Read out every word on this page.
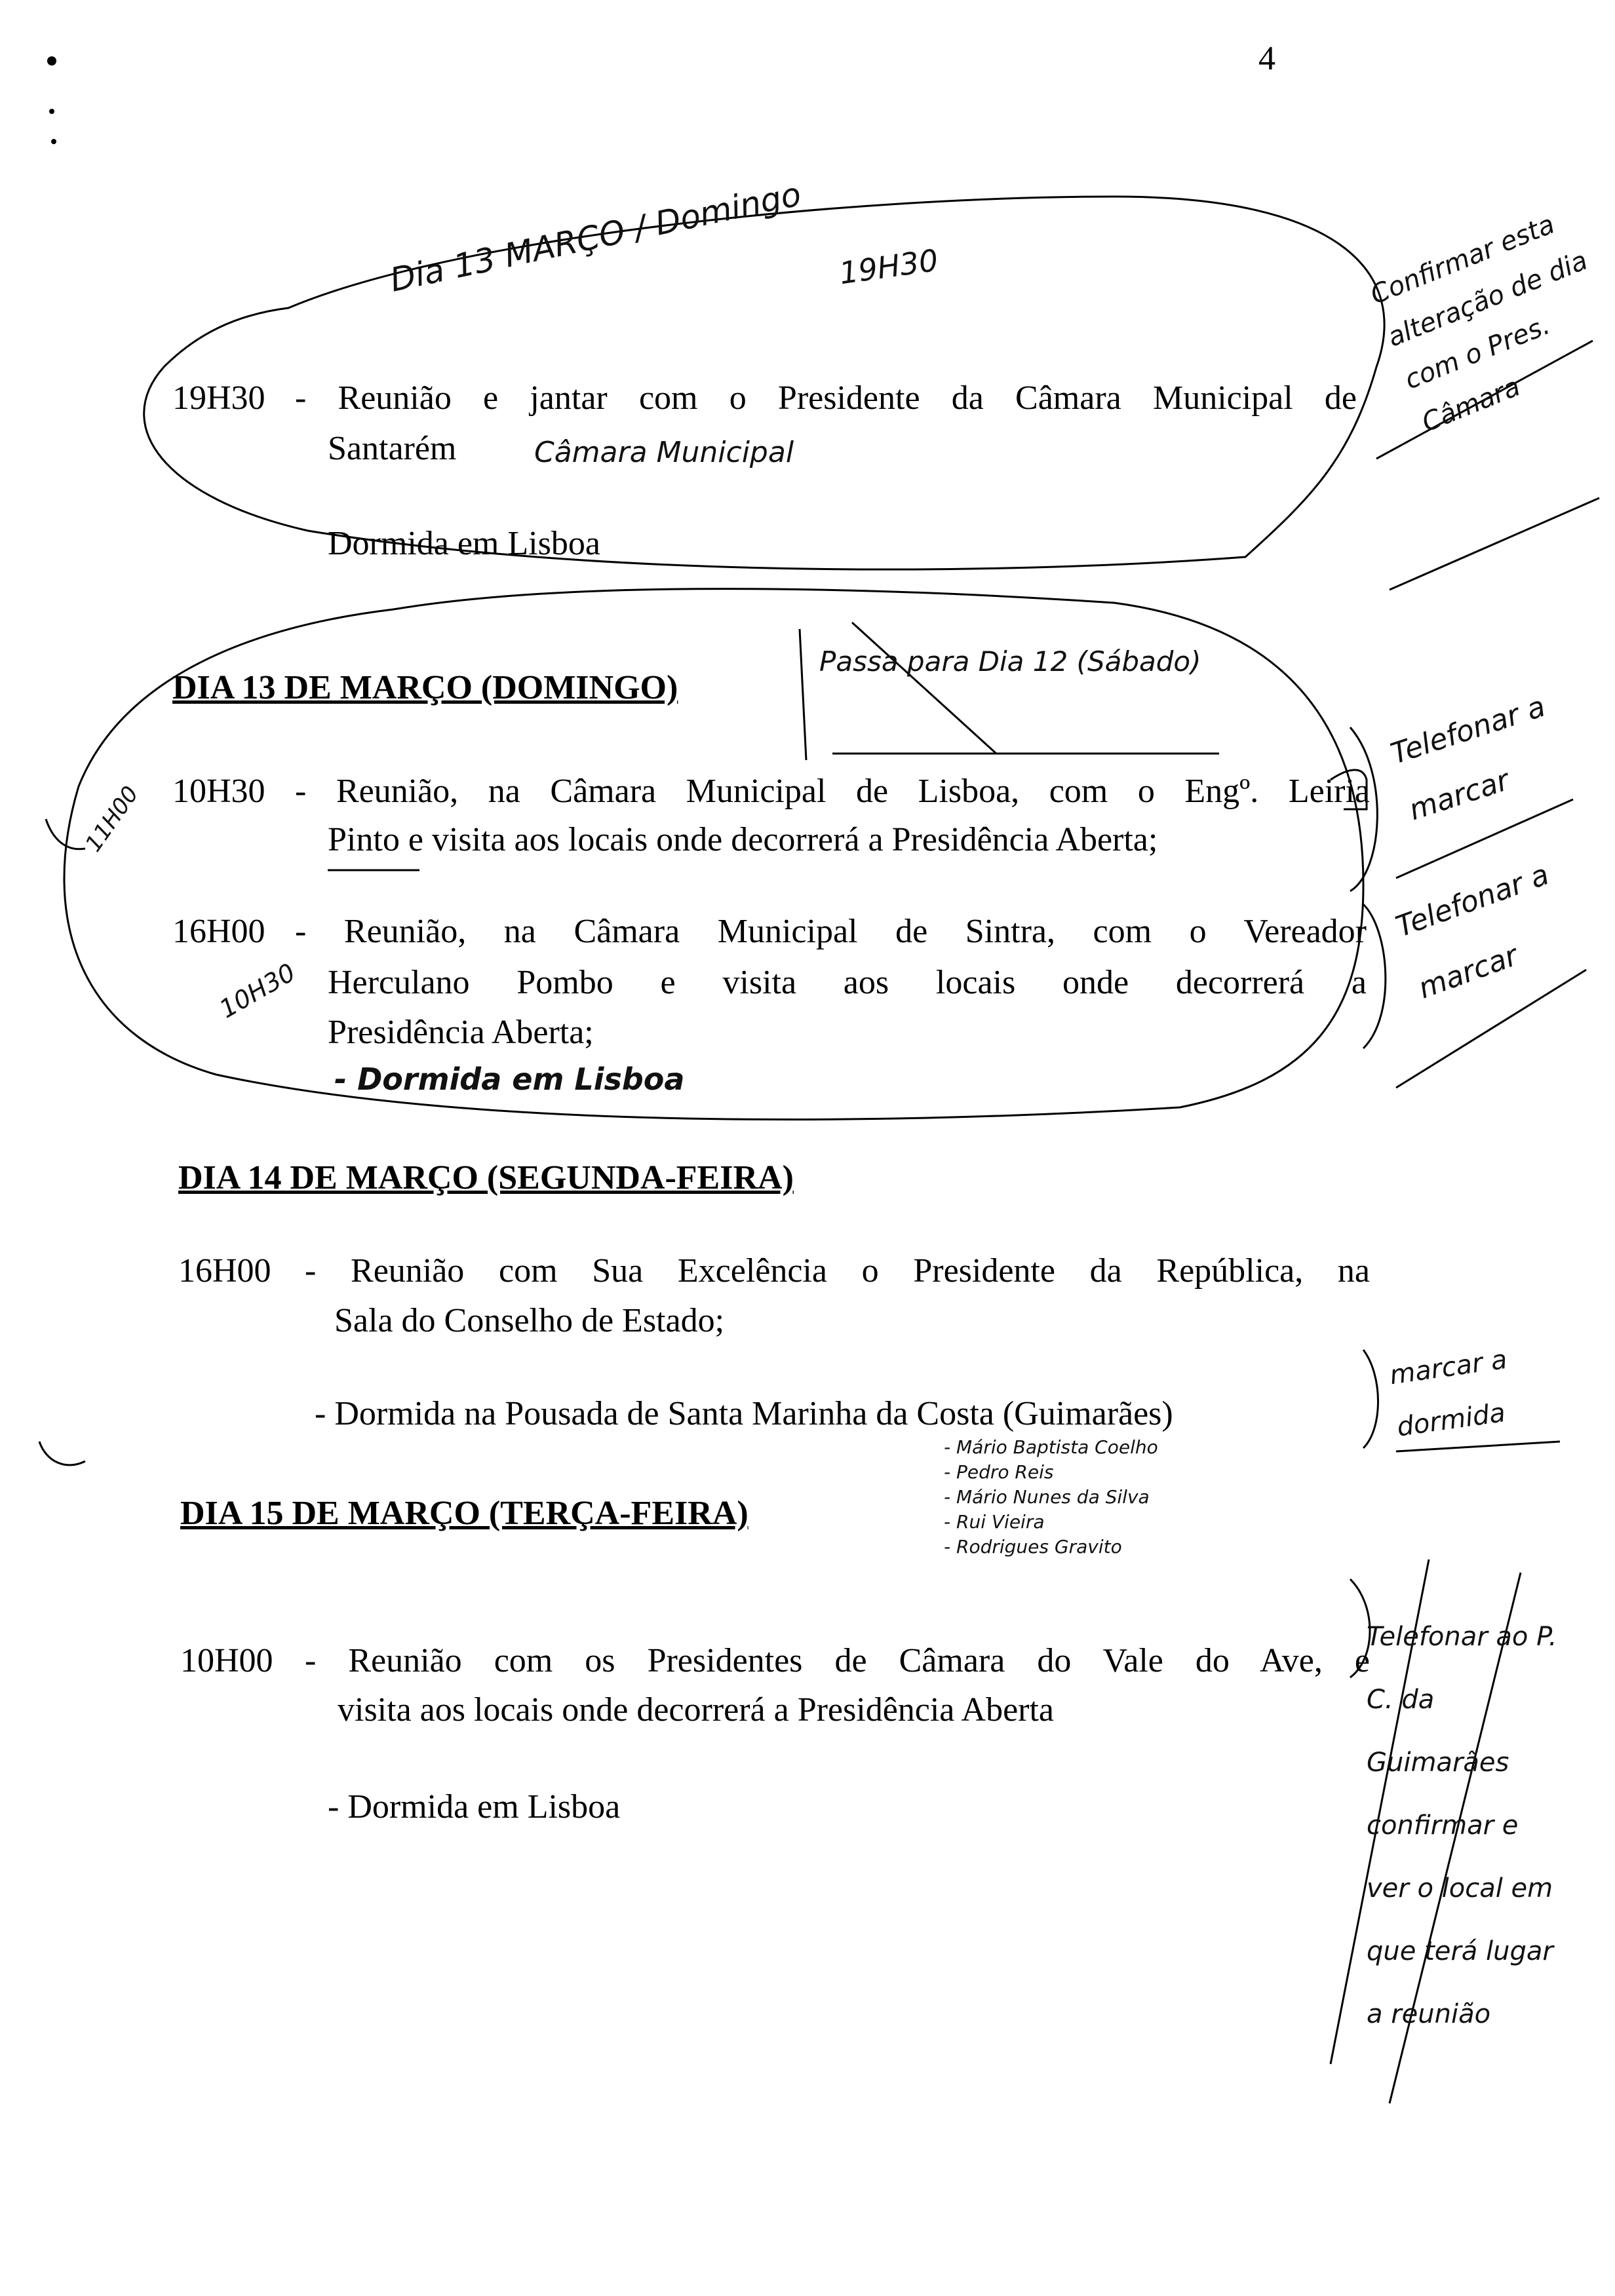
4
19H30 - Reunião e jantar com o Presidente da Câmara Municipal de
Santarém
Dormida em Lisboa
DIA 13 DE MARÇO (DOMINGO)
10H30 - Reunião, na Câmara Municipal de Lisboa, com o Engº. Leiria
Pinto e visita aos locais onde decorrerá a Presidência Aberta;
16H00 - Reunião, na Câmara Municipal de Sintra, com o Vereador
Herculano Pombo e visita aos locais onde decorrerá a
Presidência Aberta;
DIA 14 DE MARÇO (SEGUNDA-FEIRA)
16H00 - Reunião com Sua Excelência o Presidente da República, na
Sala do Conselho de Estado;
- Dormida na Pousada de Santa Marinha da Costa (Guimarães)
DIA 15 DE MARÇO (TERÇA-FEIRA)
10H00 - Reunião com os Presidentes de Câmara do Vale do Ave, e
visita aos locais onde decorrerá a Presidência Aberta
- Dormida em Lisboa
Dia 13 MARÇO / Domingo 19H30
Câmara Municipal
Confirmar esta alteração de dia com o Pres. Câmara
Passa para Dia 12 (Sábado)
11H00
Telefonar a marcar
10H30
Telefonar a marcar
- Dormida em Lisboa
marcar a dormida
- Mário Baptista Coelho
- Pedro Reis
- Mário Nunes da Silva
- Rui Vieira
- Rodrigues Gravito
Telefonar ao P. C. da Guimarães confirmar e ver o local em que terá lugar a reunião
